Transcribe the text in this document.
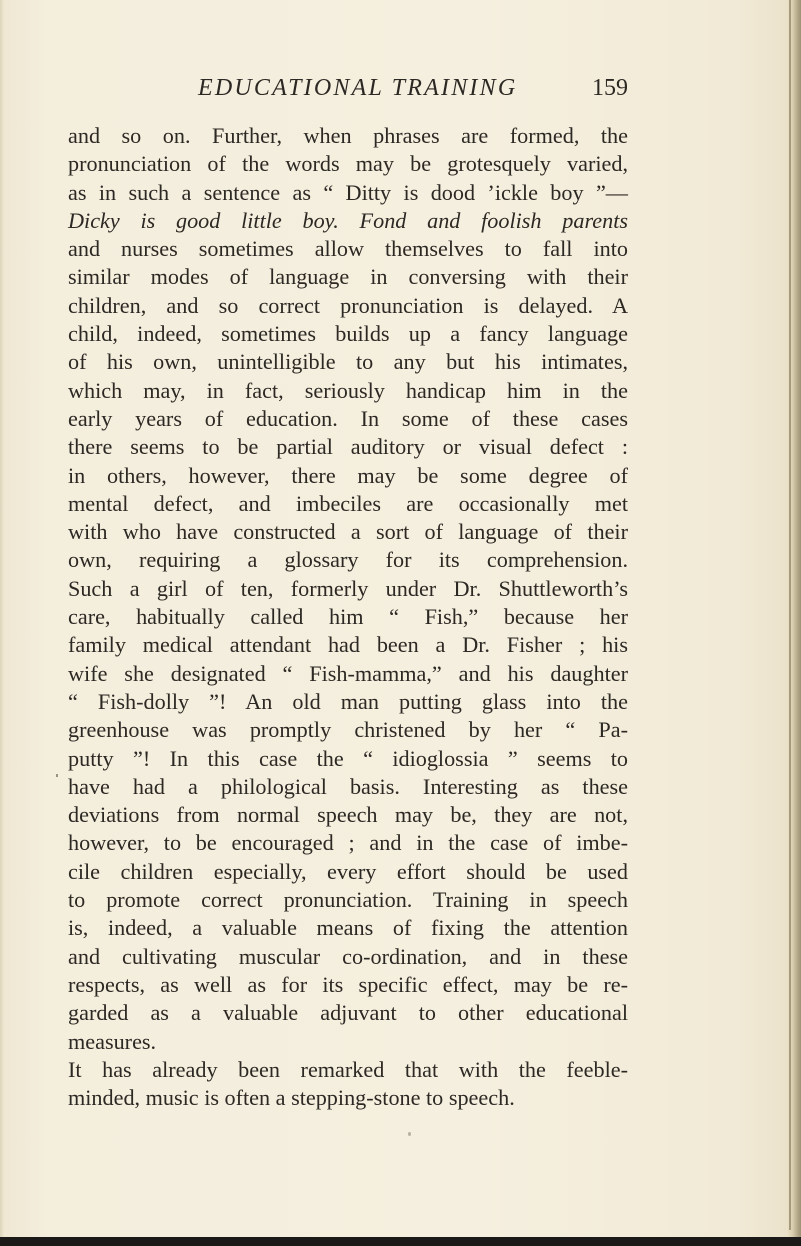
EDUCATIONAL TRAINING	159
and so on. Further, when phrases are formed, the
pronunciation of the words may be grotesquely varied,
as in such a sentence as “ Ditty is dood ’ickle boy ”—
Dicky is good little boy. Fond and foolish parents
and nurses sometimes allow themselves to fall into
similar modes of language in conversing with their
children, and so correct pronunciation is delayed. A
child, indeed, sometimes builds up a fancy language
of his own, unintelligible to any but his intimates,
which may, in fact, seriously handicap him in the
early years of education. In some of these cases
there seems to be partial auditory or visual defect :
in others, however, there may be some degree of
mental defect, and imbeciles are occasionally met
with who have constructed a sort of language of their
own, requiring a glossary for its comprehension.
Such a girl of ten, formerly under Dr. Shuttleworth’s
care, habitually called him “ Fish,” because her
family medical attendant had been a Dr. Fisher ; his
wife she designated “ Fish-mamma,” and his daughter
“ Fish-dolly ”! An old man putting glass into the
greenhouse was promptly christened by her “ Pa-
putty ”! In this case the “ idioglossia ” seems to
have had a philological basis. Interesting as these
deviations from normal speech may be, they are not,
however, to be encouraged ; and in the case of imbe-
cile children especially, every effort should be used
to promote correct pronunciation. Training in speech
is, indeed, a valuable means of fixing the attention
and cultivating muscular co-ordination, and in these
respects, as well as for its specific effect, may be re-
garded as a valuable adjuvant to other educational
measures.
It has already been remarked that with the feeble-
minded, music is often a stepping-stone to speech.
